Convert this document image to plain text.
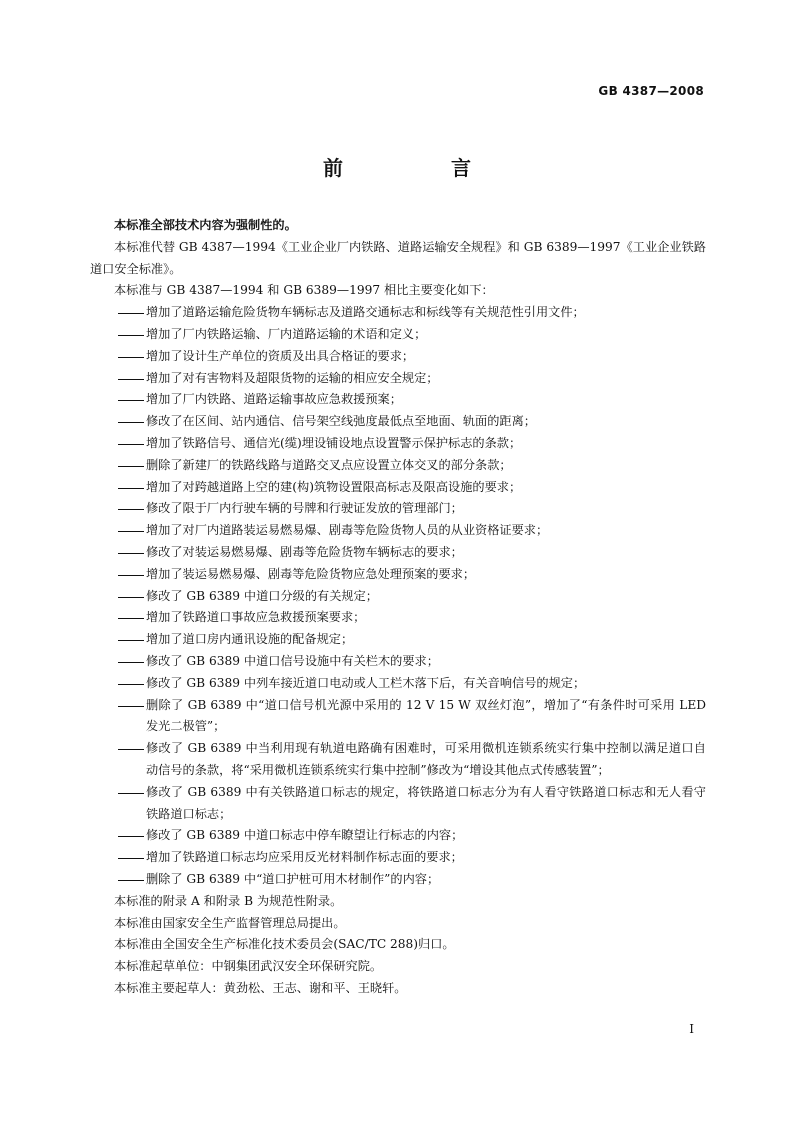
GB 4387—2008
前　言

本标准全部技术内容为强制性的。

本标准代替 GB 4387—1994《工业企业厂内铁路、道路运输安全规程》和 GB 6389—1997《工业企业铁路道口安全标准》。

本标准与 GB 4387—1994 和 GB 6389—1997 相比主要变化如下：

增加了道路运输危险货物车辆标志及道路交通标志和标线等有关规范性引用文件；
增加了厂内铁路运输、厂内道路运输的术语和定义；
增加了设计生产单位的资质及出具合格证的要求；
增加了对有害物料及超限货物的运输的相应安全规定；
增加了厂内铁路、道路运输事故应急救援预案；
修改了在区间、站内通信、信号架空线弛度最低点至地面、轨面的距离；
增加了铁路信号、通信光(缆)埋设铺设地点设置警示保护标志的条款；
删除了新建厂的铁路线路与道路交叉点应设置立体交叉的部分条款；
增加了对跨越道路上空的建(构)筑物设置限高标志及限高设施的要求；
修改了限于厂内行驶车辆的号牌和行驶证发放的管理部门；
增加了对厂内道路装运易燃易爆、剧毒等危险货物人员的从业资格证要求；
修改了对装运易燃易爆、剧毒等危险货物车辆标志的要求；
增加了装运易燃易爆、剧毒等危险货物应急处理预案的要求；
修改了 GB 6389 中道口分级的有关规定；
增加了铁路道口事故应急救援预案要求；
增加了道口房内通讯设施的配备规定；
修改了 GB 6389 中道口信号设施中有关栏木的要求；
修改了 GB 6389 中列车接近道口电动或人工栏木落下后，有关音响信号的规定；
删除了 GB 6389 中“道口信号机光源中采用的 12 V 15 W 双丝灯泡”，增加了“有条件时可采用 LED 发光二极管”；
修改了 GB 6389 中当利用现有轨道电路确有困难时，可采用微机连锁系统实行集中控制以满足道口自动信号的条款，将“采用微机连锁系统实行集中控制”修改为“增设其他点式传感装置”；
修改了 GB 6389 中有关铁路道口标志的规定，将铁路道口标志分为有人看守铁路道口标志和无人看守铁路道口标志；
修改了 GB 6389 中道口标志中停车瞭望让行标志的内容；
增加了铁路道口标志均应采用反光材料制作标志面的要求；
删除了 GB 6389 中“道口护桩可用木材制作”的内容；

本标准的附录 A 和附录 B 为规范性附录。

本标准由国家安全生产监督管理总局提出。

本标准由全国安全生产标准化技术委员会(SAC/TC 288)归口。

本标准起草单位：中钢集团武汉安全环保研究院。

本标准主要起草人：黄劲松、王志、谢和平、王晓轩。

I
